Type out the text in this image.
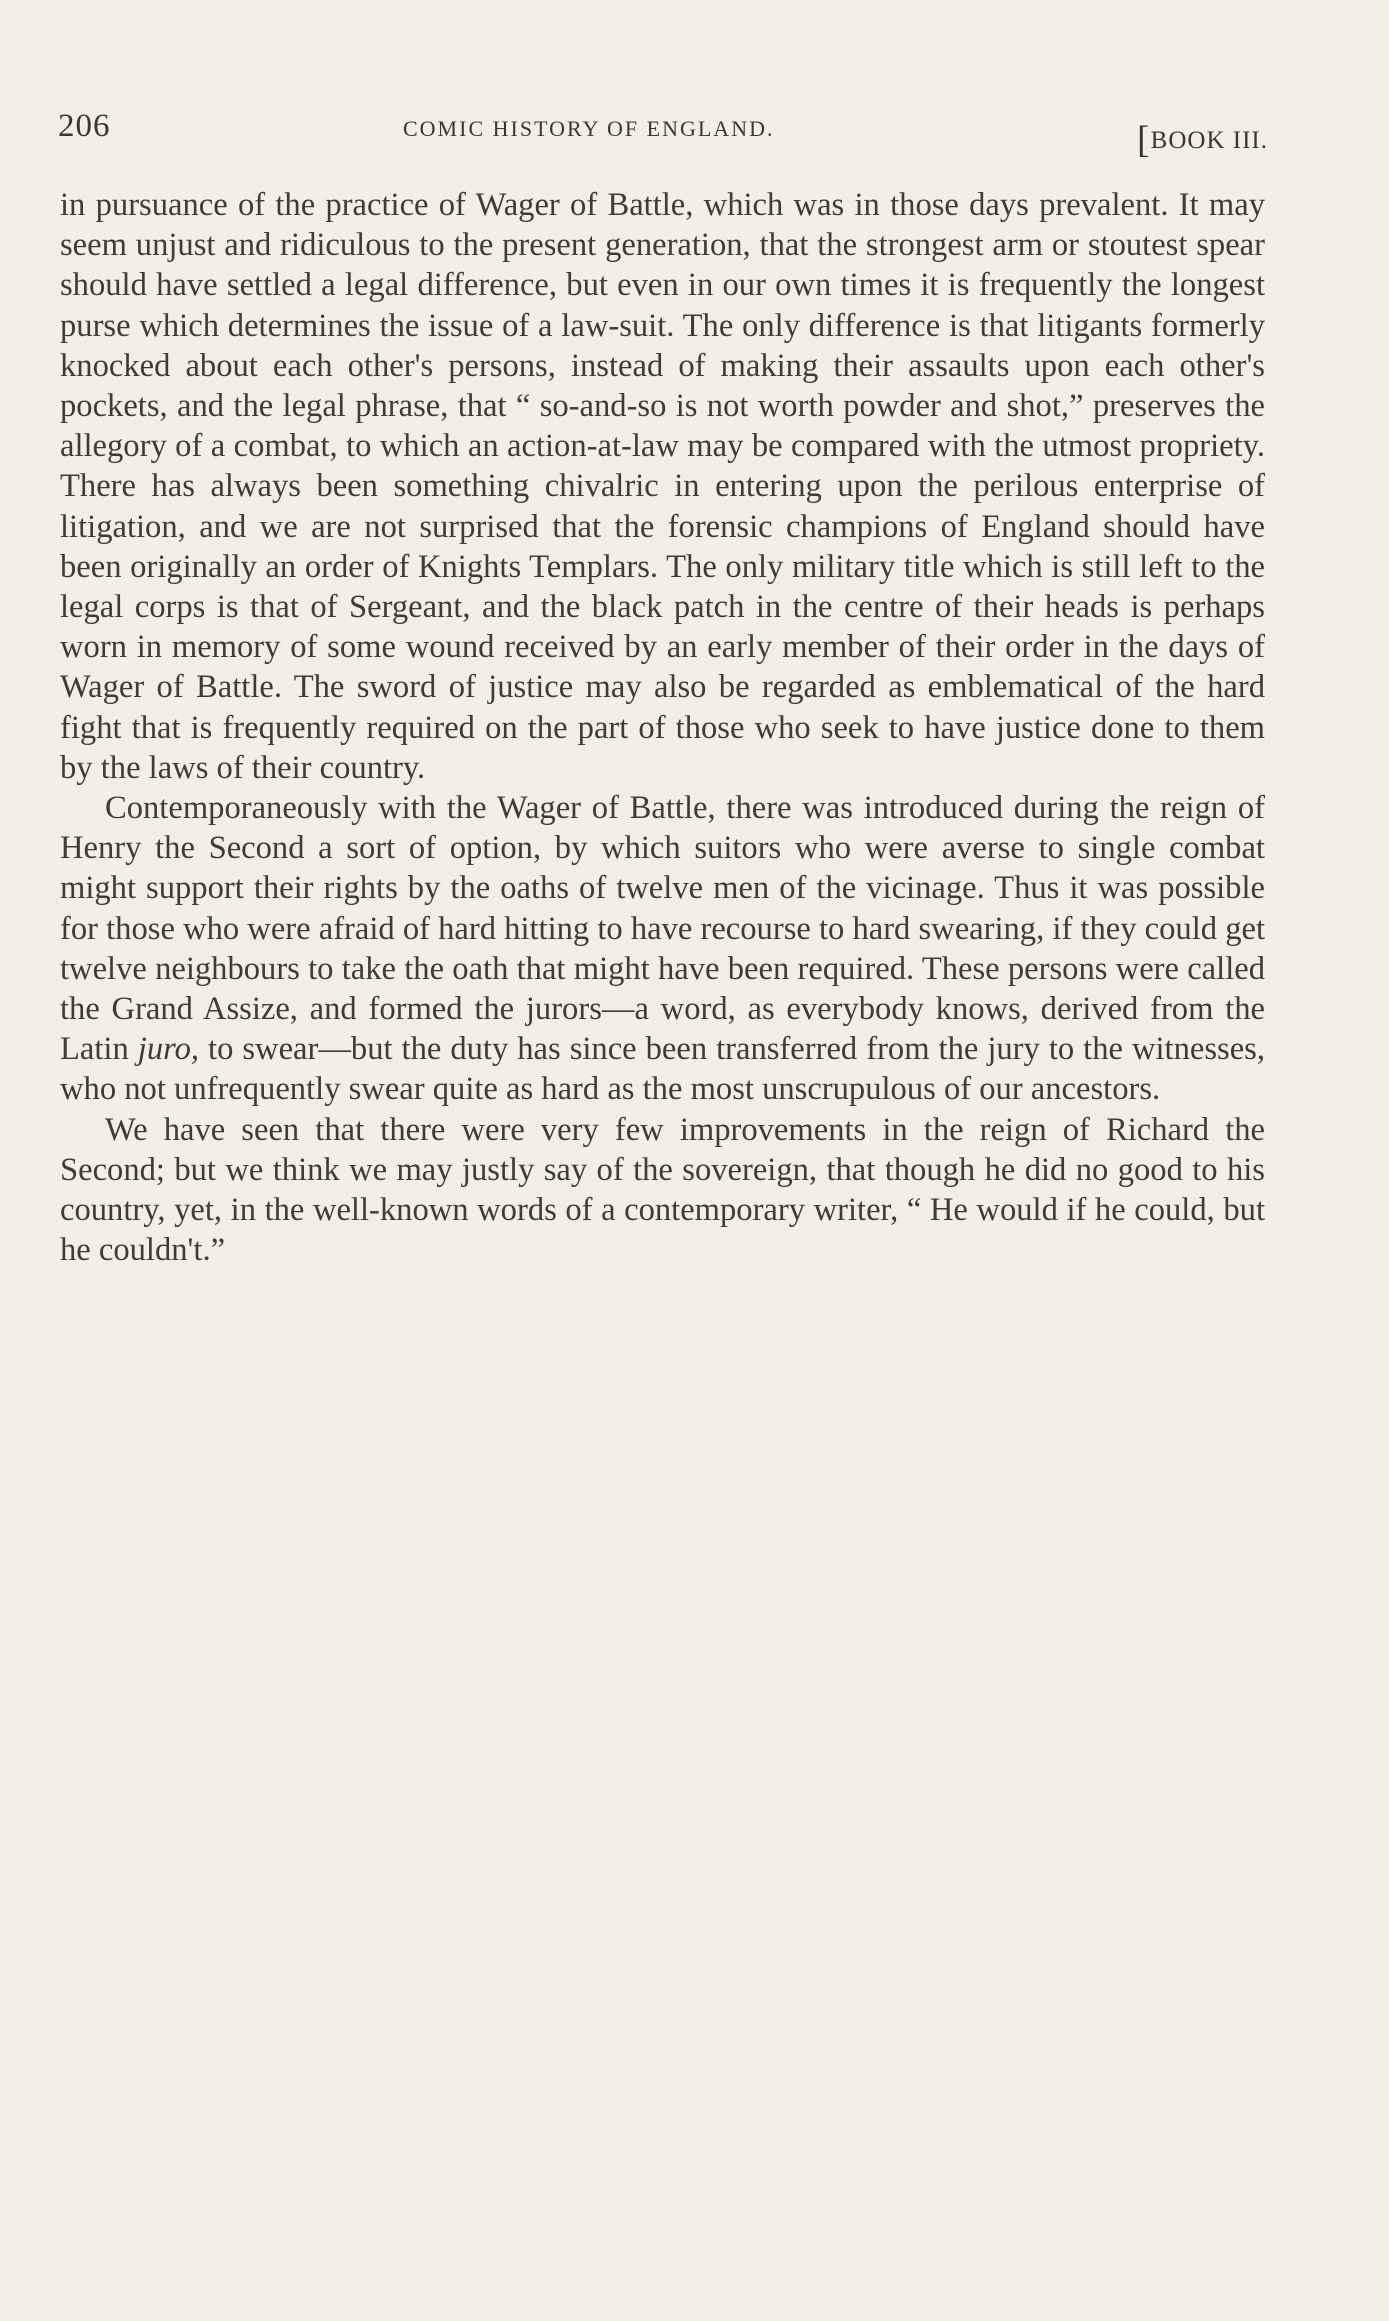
206	COMIC HISTORY OF ENGLAND.	[BOOK III.

in pursuance of the practice of Wager of Battle, which was in those days prevalent. It may seem unjust and ridiculous to the present generation, that the strongest arm or stoutest spear should have settled a legal difference, but even in our own times it is frequently the longest purse which determines the issue of a law-suit. The only difference is that litigants formerly knocked about each other's persons, instead of making their assaults upon each other's pockets, and the legal phrase, that “ so-and-so is not worth powder and shot,” preserves the allegory of a combat, to which an action-at-law may be compared with the utmost propriety. There has always been something chivalric in entering upon the perilous enterprise of litigation, and we are not surprised that the forensic champions of England should have been originally an order of Knights Templars. The only military title which is still left to the legal corps is that of Sergeant, and the black patch in the centre of their heads is perhaps worn in memory of some wound received by an early member of their order in the days of Wager of Battle. The sword of justice may also be regarded as emblematical of the hard fight that is frequently required on the part of those who seek to have justice done to them by the laws of their country.

Contemporaneously with the Wager of Battle, there was introduced during the reign of Henry the Second a sort of option, by which suitors who were averse to single combat might support their rights by the oaths of twelve men of the vicinage. Thus it was possible for those who were afraid of hard hitting to have recourse to hard swearing, if they could get twelve neighbours to take the oath that might have been required. These persons were called the Grand Assize, and formed the jurors—a word, as everybody knows, derived from the Latin juro, to swear—but the duty has since been transferred from the jury to the witnesses, who not unfrequently swear quite as hard as the most unscrupulous of our ancestors.

We have seen that there were very few improvements in the reign of Richard the Second; but we think we may justly say of the sovereign, that though he did no good to his country, yet, in the well-known words of a contemporary writer, “ He would if he could, but he couldn't.”
